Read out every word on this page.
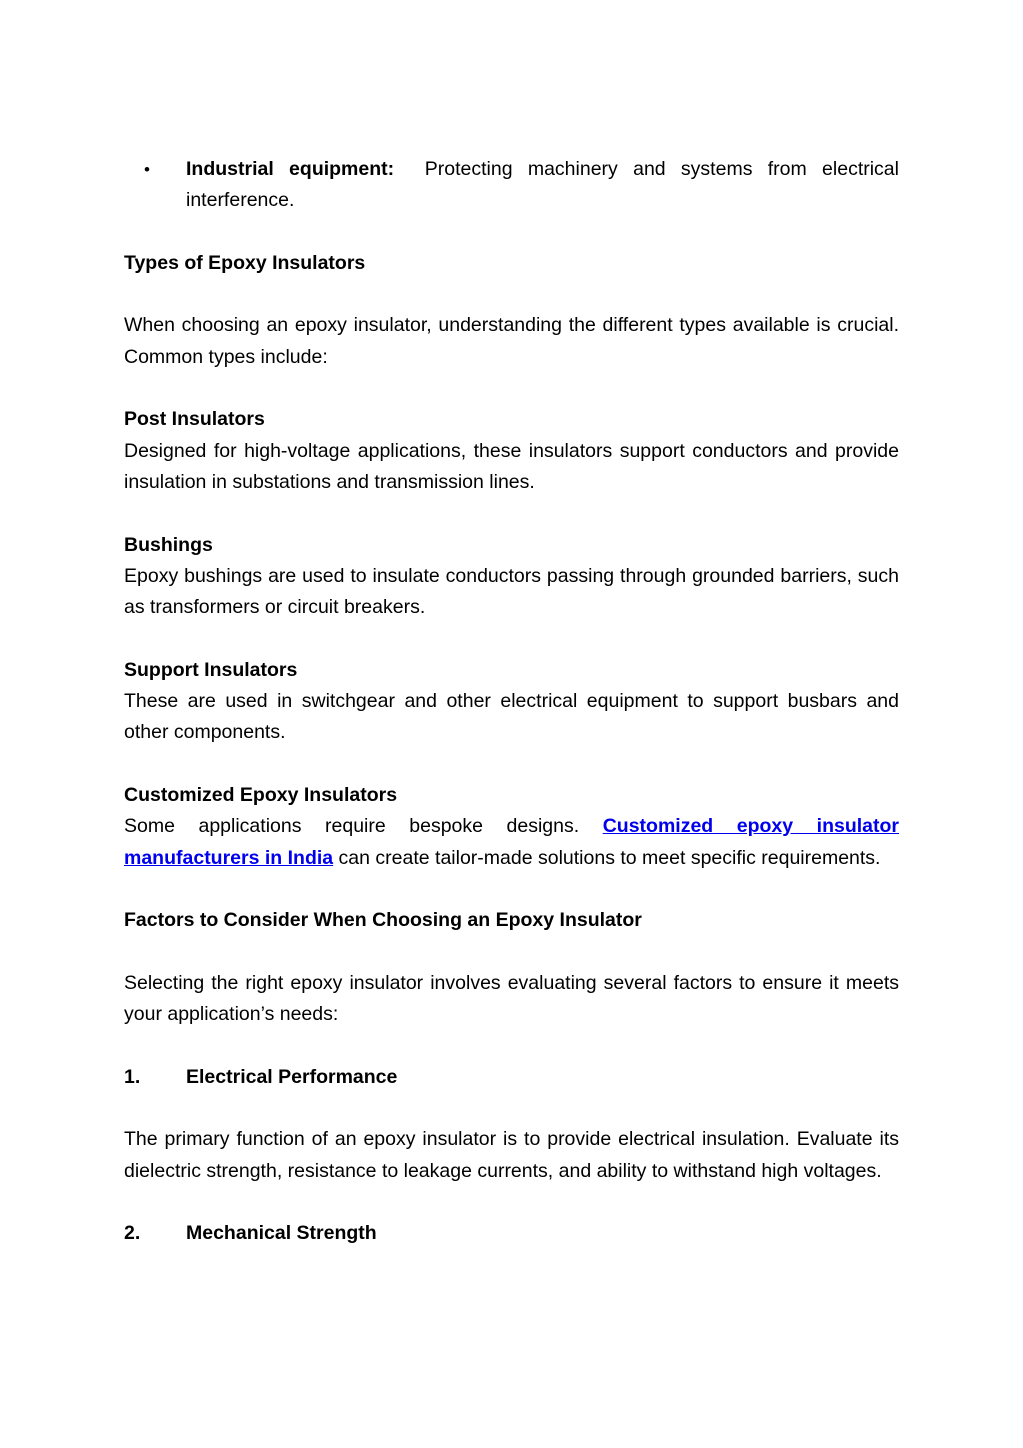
• Industrial equipment: Protecting machinery and systems from electrical interference.

Types of Epoxy Insulators

When choosing an epoxy insulator, understanding the different types available is crucial. Common types include:

Post Insulators

Designed for high-voltage applications, these insulators support conductors and provide insulation in substations and transmission lines.

Bushings

Epoxy bushings are used to insulate conductors passing through grounded barriers, such as transformers or circuit breakers.

Support Insulators

These are used in switchgear and other electrical equipment to support busbars and other components.

Customized Epoxy Insulators

Some applications require bespoke designs. Customized epoxy insulator manufacturers in India can create tailor-made solutions to meet specific requirements.

Factors to Consider When Choosing an Epoxy Insulator

Selecting the right epoxy insulator involves evaluating several factors to ensure it meets your application’s needs:

1. Electrical Performance

The primary function of an epoxy insulator is to provide electrical insulation. Evaluate its dielectric strength, resistance to leakage currents, and ability to withstand high voltages.

2. Mechanical Strength
